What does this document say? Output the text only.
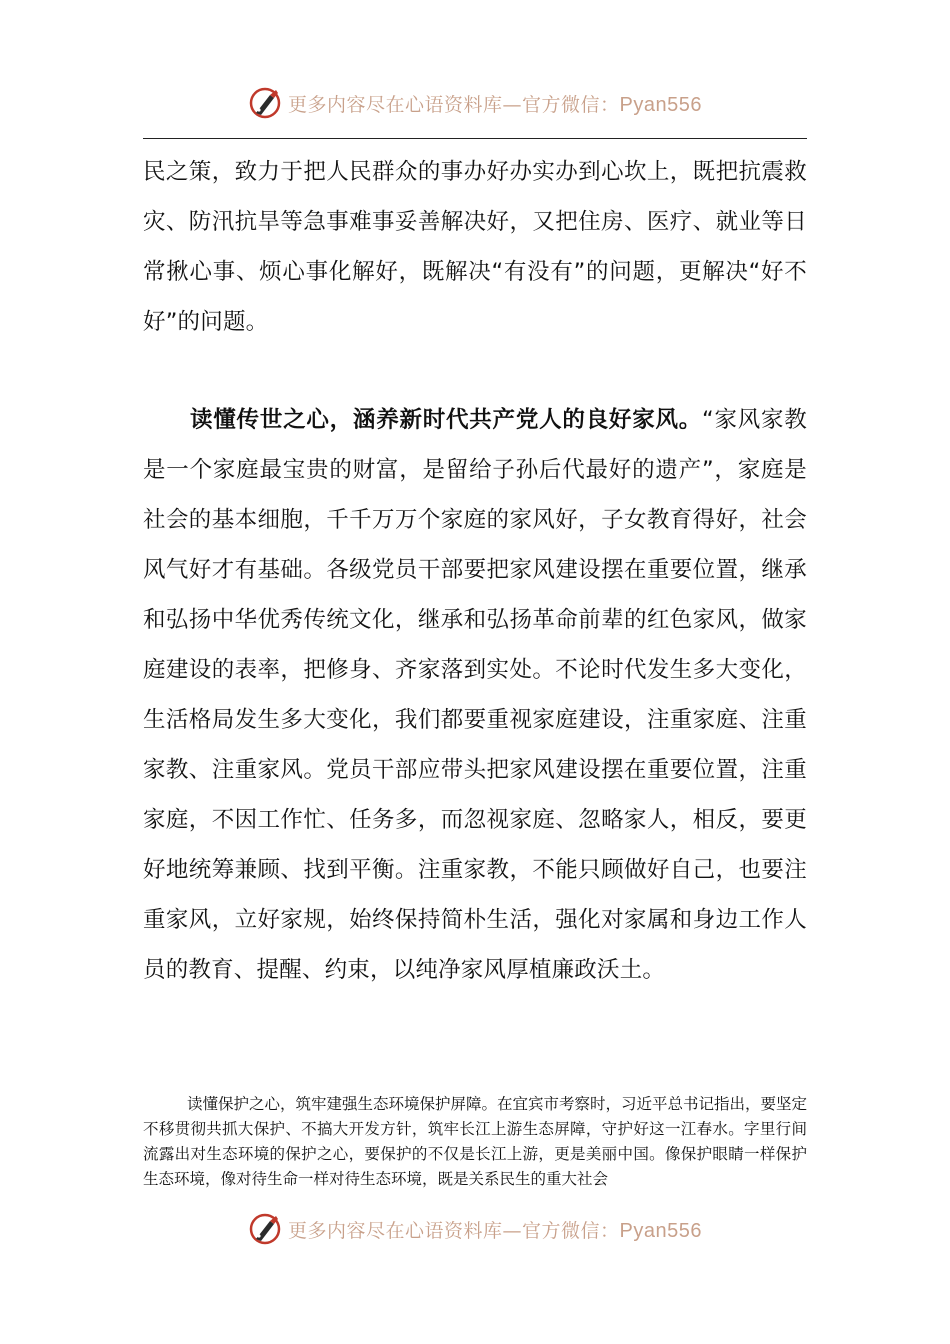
更多内容尽在心语资料库—官方微信：Pyan556
民之策，致力于把人民群众的事办好办实办到心坎上，既把抗震救灾、防汛抗旱等急事难事妥善解决好，又把住房、医疗、就业等日常揪心事、烦心事化解好，既解决“有没有”的问题，更解决“好不好”的问题。
读懂传世之心，涵养新时代共产党人的良好家风。“家风家教是一个家庭最宝贵的财富，是留给子孙后代最好的遗产”，家庭是社会的基本细胞，千千万万个家庭的家风好，子女教育得好，社会风气好才有基础。各级党员干部要把家风建设摆在重要位置，继承和弘扬中华优秀传统文化，继承和弘扬革命前辈的红色家风，做家庭建设的表率，把修身、齐家落到实处。不论时代发生多大变化，生活格局发生多大变化，我们都要重视家庭建设，注重家庭、注重家教、注重家风。党员干部应带头把家风建设摆在重要位置，注重家庭，不因工作忙、任务多，而忽视家庭、忽略家人，相反，要更好地统筹兼顾、找到平衡。注重家教，不能只顾做好自己，也要注重家风，立好家规，始终保持简朴生活，强化对家属和身边工作人员的教育、提醒、约束，以纯净家风厚植廉政沃土。
读懂保护之心，筑牢建强生态环境保护屏障。在宜宾市考察时，习近平总书记指出，要坚定不移贯彻共抓大保护、不搞大开发方针，筑牢长江上游生态屏障，守护好这一江春水。字里行间流露出对生态环境的保护之心，要保护的不仅是长江上游，更是美丽中国。像保护眼睛一样保护生态环境，像对待生命一样对待生态环境，既是关系民生的重大社会
更多内容尽在心语资料库—官方微信：Pyan556
